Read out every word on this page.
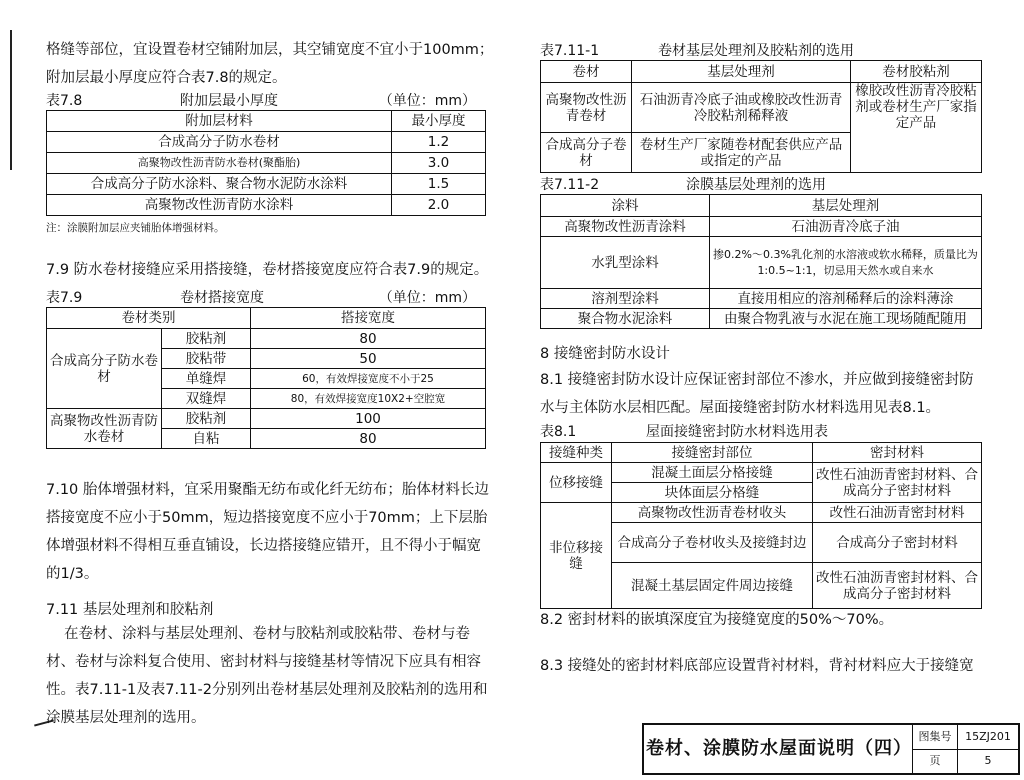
格缝等部位，宜设置卷材空铺附加层，其空铺宽度不宜小于100mm；
附加层最小厚度应符合表7.8的规定。
表7.8	附加层最小厚度	（单位：mm）
附加层材料	最小厚度
合成高分子防水卷材	1.2
高聚物改性沥青防水卷材(聚酯胎)	3.0
合成高分子防水涂料、聚合物水泥防水涂料	1.5
高聚物改性沥青防水涂料	2.0
注：涂膜附加层应夹铺胎体增强材料。
7.9 防水卷材接缝应采用搭接缝，卷材搭接宽度应符合表7.9的规定。
表7.9	卷材搭接宽度	（单位：mm）
卷材类别		搭接宽度
合成高分子防水卷材	胶粘剂	80
	胶粘带	50
	单缝焊	60，有效焊接宽度不小于25
	双缝焊	80，有效焊接宽度10X2+空腔宽
高聚物改性沥青防水卷材	胶粘剂	100
	自粘	80
7.10 胎体增强材料，宜采用聚酯无纺布或化纤无纺布；胎体材料长边
搭接宽度不应小于50mm，短边搭接宽度不应小于70mm；上下层胎
体增强材料不得相互垂直铺设，长边搭接缝应错开，且不得小于幅宽
的1/3。
7.11 基层处理剂和胶粘剂
在卷材、涂料与基层处理剂、卷材与胶粘剂或胶粘带、卷材与卷
材、卷材与涂料复合使用、密封材料与接缝基材等情况下应具有相容
性。表7.11-1及表7.11-2分别列出卷材基层处理剂及胶粘剂的选用和
涂膜基层处理剂的选用。
表7.11-1	卷材基层处理剂及胶粘剂的选用
卷材	基层处理剂	卷材胶粘剂
高聚物改性沥青卷材	石油沥青冷底子油或橡胶改性沥青冷胶粘剂稀释液	橡胶改性沥青冷胶粘剂或卷材生产厂家指定产品
合成高分子卷材	卷材生产厂家随卷材配套供应产品或指定的产品	
表7.11-2	涂膜基层处理剂的选用
涂料	基层处理剂
高聚物改性沥青涂料	石油沥青冷底子油
水乳型涂料	掺0.2%～0.3%乳化剂的水溶液或软水稀释，质量比为1:0.5~1:1，切忌用天然水或自来水
溶剂型涂料	直接用相应的溶剂稀释后的涂料薄涂
聚合物水泥涂料	由聚合物乳液与水泥在施工现场随配随用
8 接缝密封防水设计
8.1 接缝密封防水设计应保证密封部位不渗水，并应做到接缝密封防
水与主体防水层相匹配。屋面接缝密封防水材料选用见表8.1。
表8.1	屋面接缝密封防水材料选用表
接缝种类	接缝密封部位	密封材料
位移接缝	混凝土面层分格接缝	改性石油沥青密封材料、合成高分子密封材料
	块体面层分格缝	
非位移接缝	高聚物改性沥青卷材收头	改性石油沥青密封材料
	合成高分子卷材收头及接缝封边	合成高分子密封材料
	混凝土基层固定件周边接缝	改性石油沥青密封材料、合成高分子密封材料
8.2 密封材料的嵌填深度宜为接缝宽度的50%～70%。
8.3 接缝处的密封材料底部应设置背衬材料，背衬材料应大于接缝宽
卷材、涂膜防水屋面说明（四）	图集号	15ZJ201
	页	5
